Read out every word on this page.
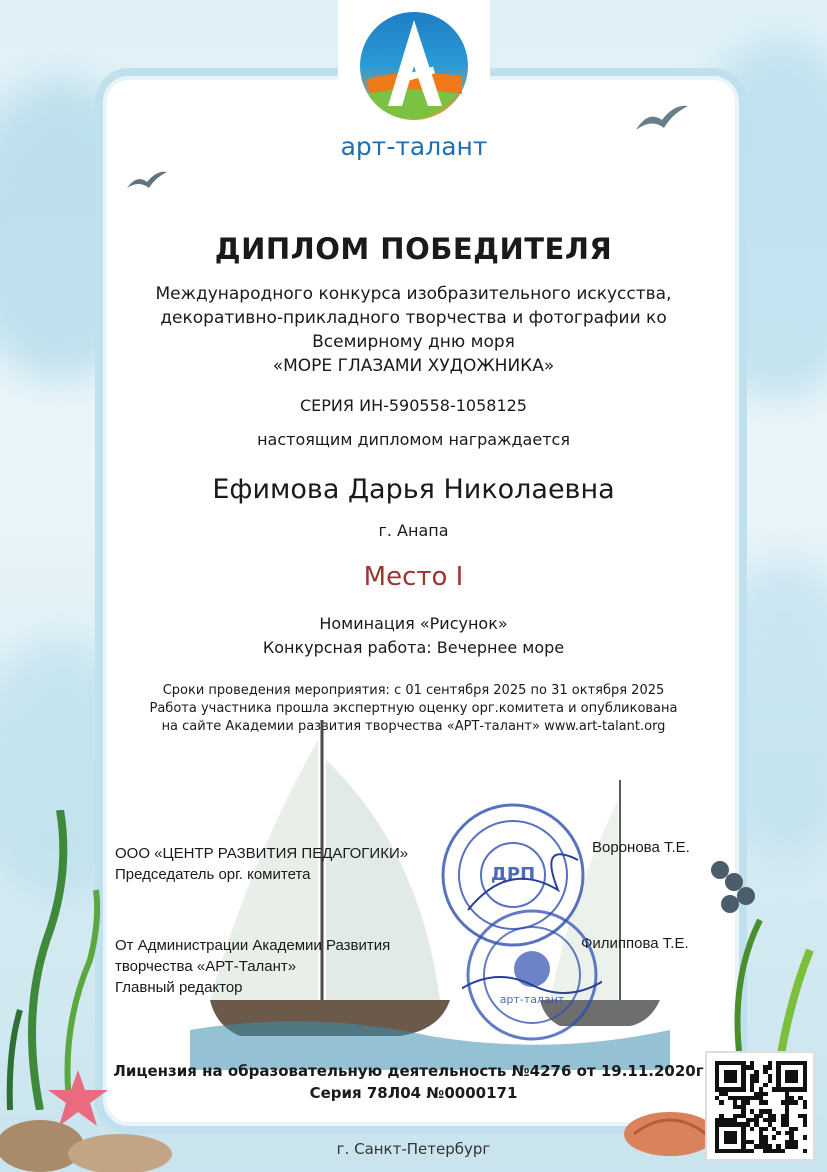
арт-талант
ДИПЛОМ ПОБЕДИТЕЛЯ
Международного конкурса изобразительного искусства,
декоративно-прикладного творчества и фотографии ко
Всемирному дню моря
«МОРЕ ГЛАЗАМИ ХУДОЖНИКА»
СЕРИЯ ИН-590558-1058125
настоящим дипломом награждается
Ефимова Дарья Николаевна
г. Анапа
Место I
Номинация «Рисунок»
Конкурсная работа: Вечернее море
Сроки проведения мероприятия: с 01 сентября 2025 по 31 октября 2025
Работа участника прошла экспертную оценку орг.комитета и опубликована
на сайте Академии развития творчества «АРТ-талант» www.art-talant.org
ООО «ЦЕНТР РАЗВИТИЯ ПЕДАГОГИКИ»
Председатель орг. комитета
Воронова Т.Е.
От Администрации Академии Развития
творчества «АРТ-Талант»
Главный редактор
Филиппова Т.Е.
ДРП
арт-талант
Лицензия на образовательную деятельность №4276 от 19.11.2020г
Серия 78Л04 №0000171
г. Санкт-Петербург
